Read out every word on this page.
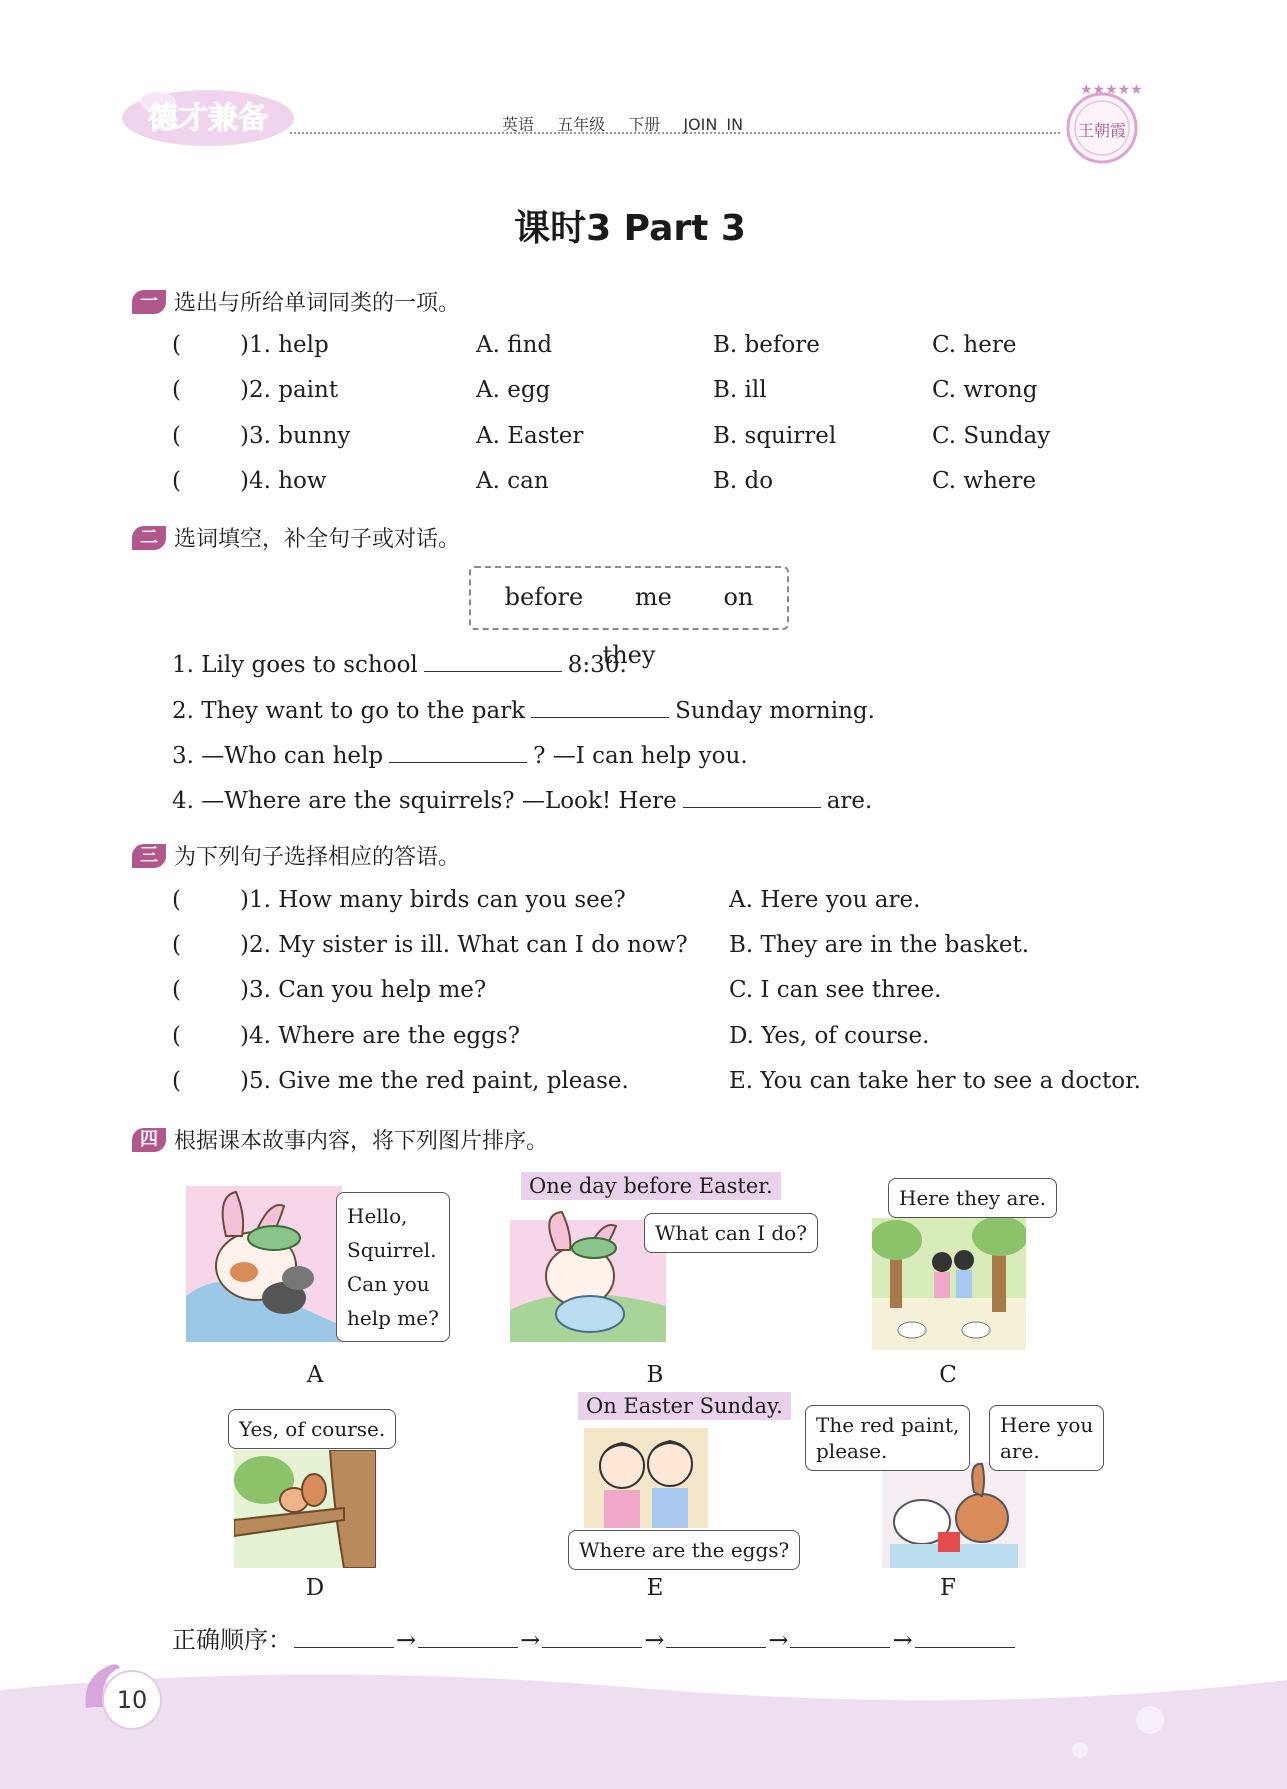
德才兼备	英语 五年级 下册 JOIN IN
★★★★★
王朝霞
课时3 Part 3
一 选出与所给单词同类的一项。
(	)1. help	A. find	B. before	C. here
(	)2. paint	A. egg	B. ill	C. wrong
(	)3. bunny	A. Easter	B. squirrel	C. Sunday
(	)4. how	A. can	B. do	C. where
二 选词填空，补全句子或对话。
before me on they
1. Lily goes to school	8:30.
2. They want to go to the park	Sunday morning.
3. —Who can help	? —I can help you.
4. —Where are the squirrels? —Look! Here	are.
三 为下列句子选择相应的答语。
(	)1. How many birds can you see?	A. Here you are.
(	)2. My sister is ill. What can I do now? B. They are in the basket.
(	)3. Can you help me?	C. I can see three.
(	)4. Where are the eggs?	D. Yes, of course.
(	)5. Give me the red paint, please.	E. You can take her to see a doctor.
四 根据课本故事内容，将下列图片排序。
Hello,
Squirrel.
Can you
help me?
A
One day before Easter.
What can I do?
B
Here they are.
C
Yes, of course.
D
On Easter Sunday.
Where are the eggs?
E
The red paint,
please.
Here you
are.
F
正确顺序：	→	→	→	→	→
10
